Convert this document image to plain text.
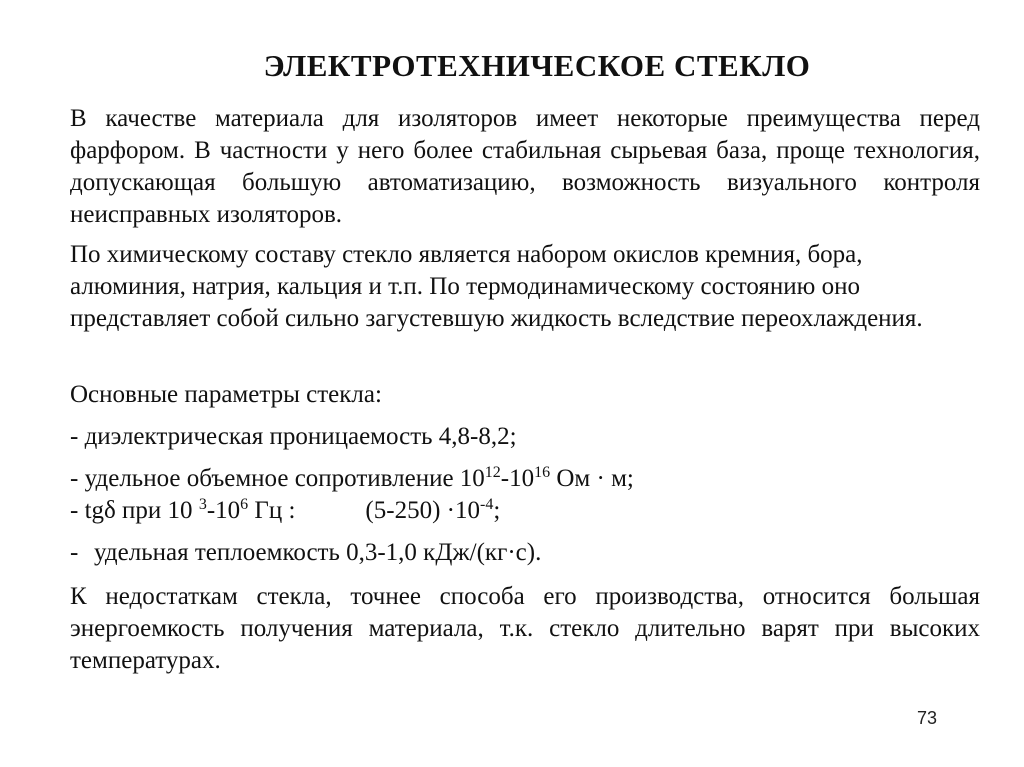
ЭЛЕКТРОТЕХНИЧЕСКОЕ СТЕКЛО

В качестве материала для изоляторов имеет некоторые преимущества перед фарфором. В частности у него более стабильная сырьевая база, проще технология, допускающая большую автоматизацию, возможность визуального контроля неисправных изоляторов.

По химическому составу стекло является набором окислов кремния, бора, алюминия, натрия, кальция и т.п. По термодинамическому состоянию оно представляет собой сильно загустевшую жидкость вследствие переохлаждения.

Основные параметры стекла:

- диэлектрическая проницаемость 4,8-8,2;

- удельное объемное сопротивление $10^{12}-10^{16}$ Ом · м;

- tgδ при 10 $^3-10^6$ Гц :	$(5-250) \cdot 10^{-4}$;

- удельная теплоемкость 0,3-1,0 кДж/(кг·с).

К недостаткам стекла, точнее способа его производства, относится большая энергоемкость получения материала, т.к. стекло длительно варят при высоких температурах.

73
